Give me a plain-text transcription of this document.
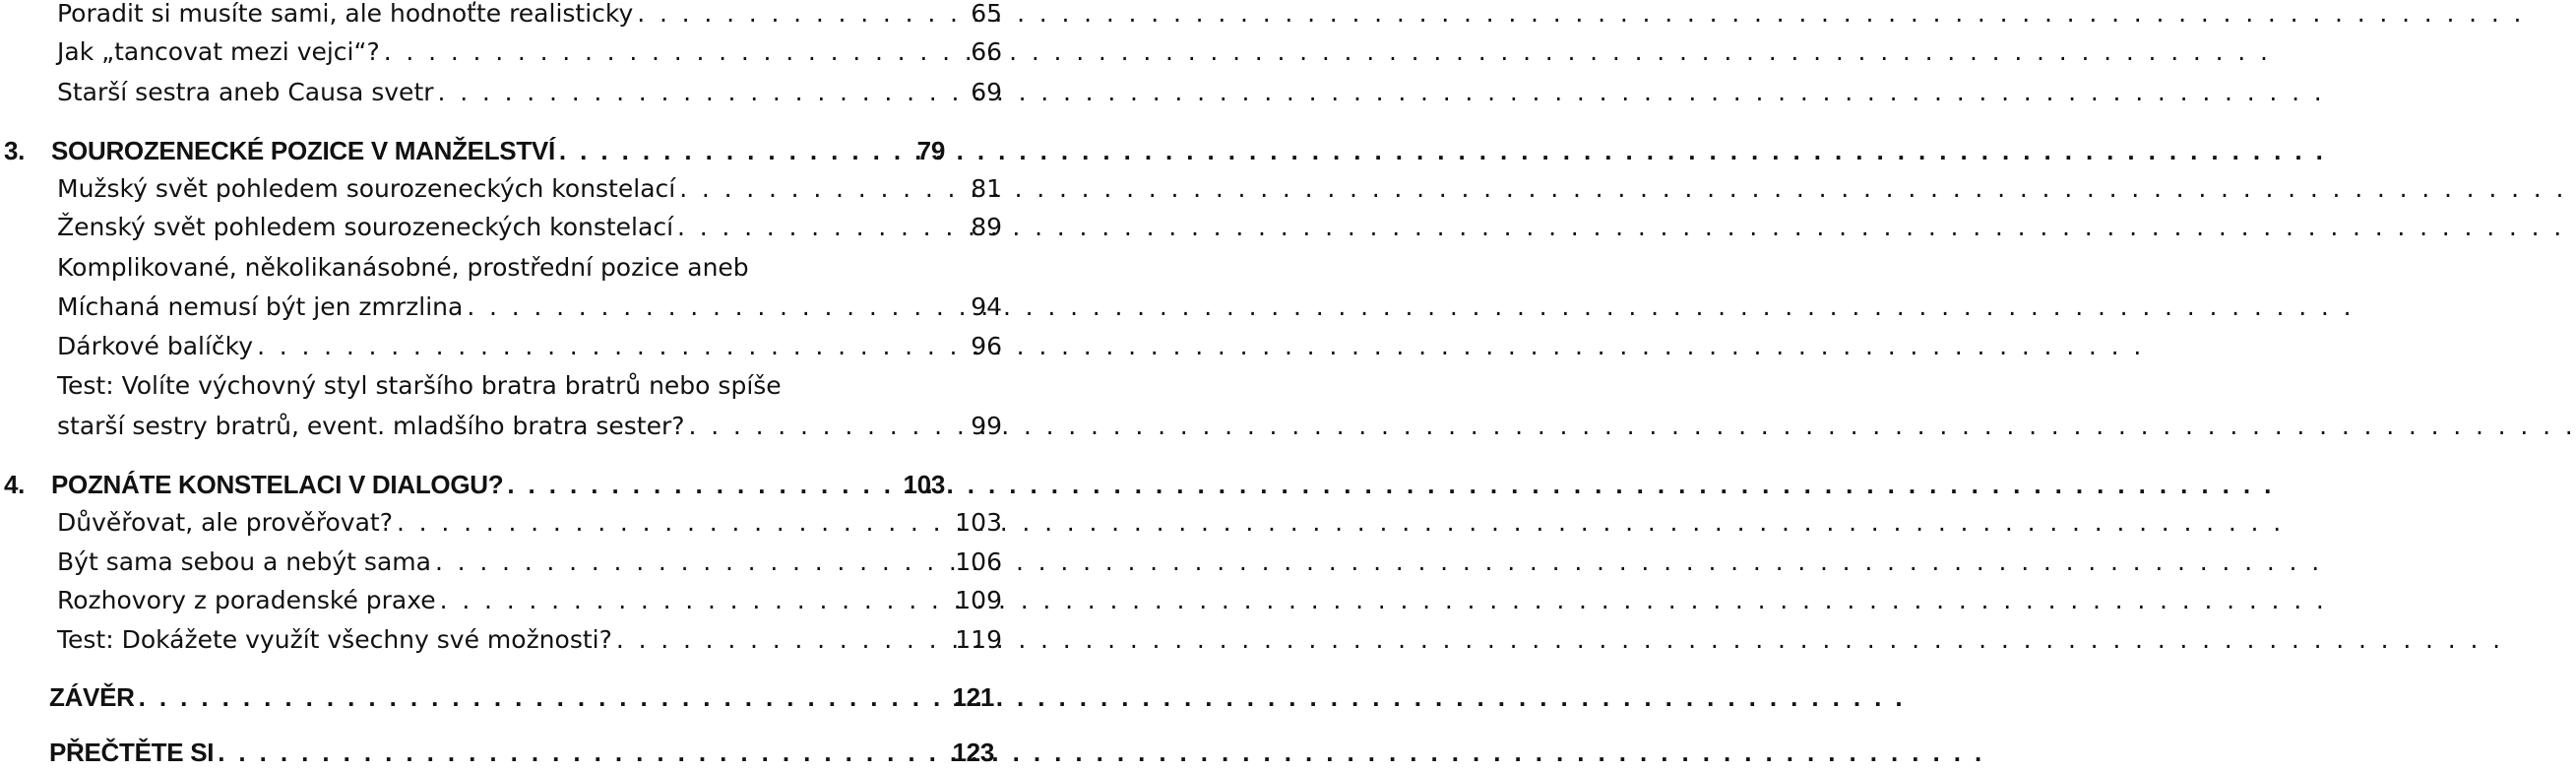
Poradit si musíte sami, ale hodnoťte realisticky . . .	65
Jak „tancovat mezi vejci“? . . .	66
Starší sestra aneb Causa svetr . . .	69
3.	SOUROZENECKÉ POZICE V MANŽELSTVÍ . . .	79
Mužský svět pohledem sourozeneckých konstelací . . .	81
Ženský svět pohledem sourozeneckých konstelací . . .	89
Komplikované, několikanásobné, prostřední pozice aneb
Míchaná nemusí být jen zmrzlina . . .	94
Dárkové balíčky . . .	96
Test: Volíte výchovný styl staršího bratra bratrů nebo spíše
starší sestry bratrů, event. mladšího bratra sester? . . .	99
4.	POZNÁTE KONSTELACI V DIALOGU? . . .	103
Důvěřovat, ale prověřovat? . . .	103
Být sama sebou a nebýt sama . . .	106
Rozhovory z poradenské praxe . . .	109
Test: Dokážete využít všechny své možnosti? . . .	119
ZÁVĚR . . .	121
PŘEČTĚTE SI . . .	123
